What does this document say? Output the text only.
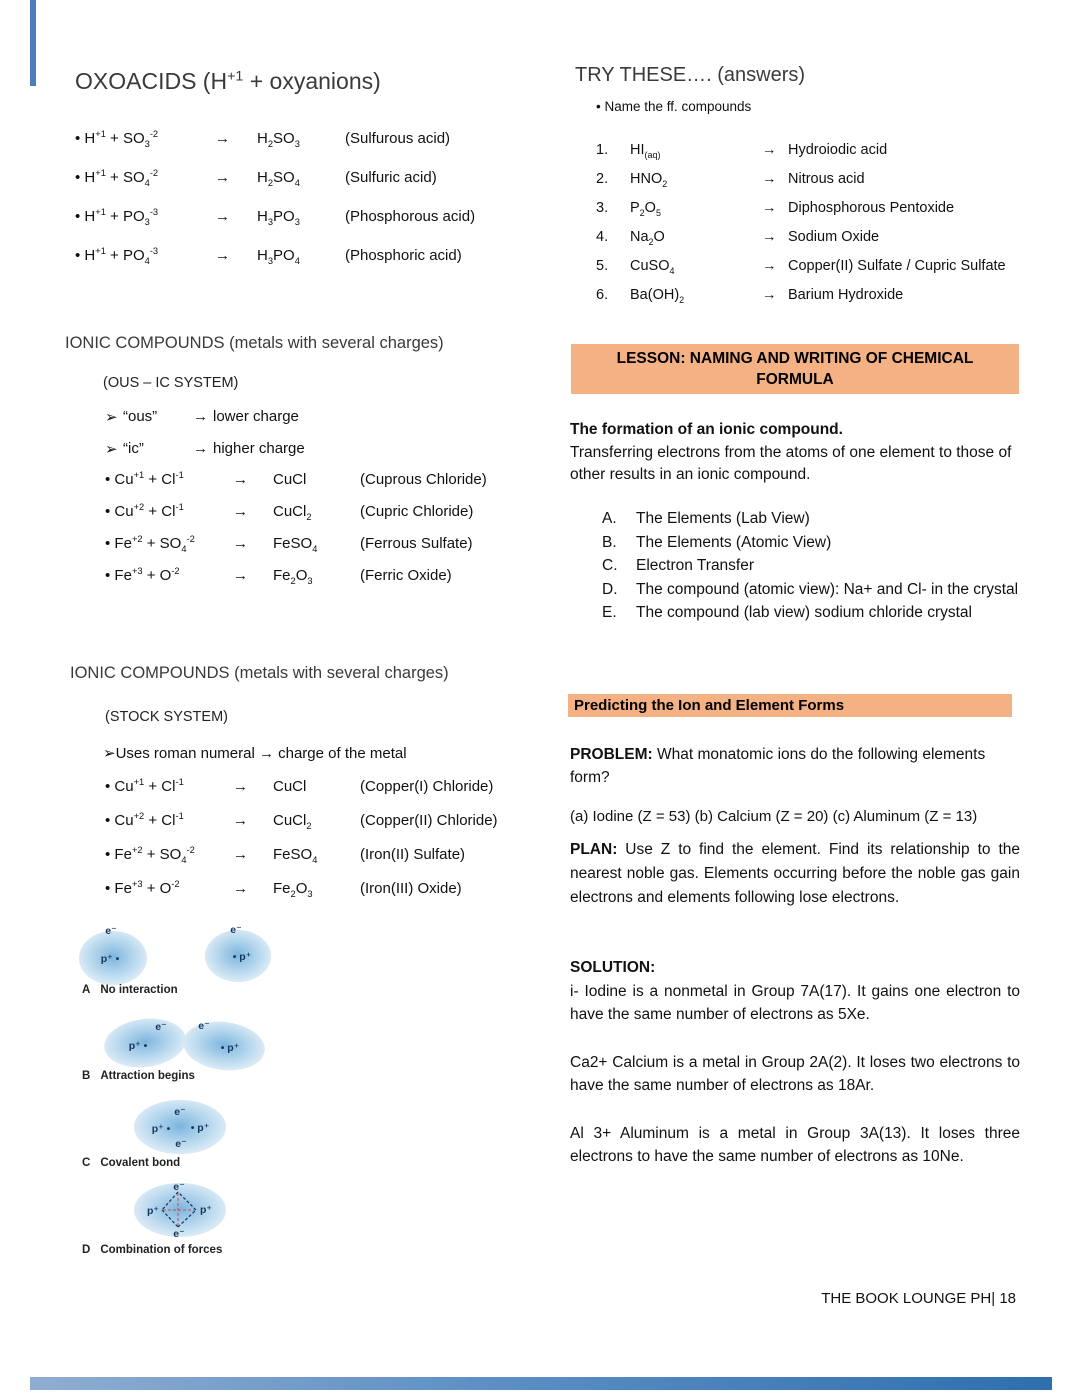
OXOACIDS ($H^{+1}$ + oxyanions)
• $H^{+1} + SO_3^{-2}$	→	$H_2SO_3$	(Sulfurous acid)
• $H^{+1} + SO_4^{-2}$	→	$H_2SO_4$	(Sulfuric acid)
• $H^{+1} + PO_3^{-3}$	→	$H_3PO_3$	(Phosphorous acid)
• $H^{+1} + PO_4^{-3}$	→	$H_3PO_4$	(Phosphoric acid)
IONIC COMPOUNDS (metals with several charges)
(OUS – IC SYSTEM)
➢ “ous”	→ lower charge
➢ “ic”	→ higher charge
• $Cu^{+1} + Cl^{-1}$	→	CuCl	(Cuprous Chloride)
• $Cu^{+2} + Cl^{-1}$	→	CuCl$_2$	(Cupric Chloride)
• $Fe^{+2} + SO_4^{-2}$	→	FeSO$_4$	(Ferrous Sulfate)
• $Fe^{+3} + O^{-2}$	→	$Fe_2O_3$	(Ferric Oxide)
IONIC COMPOUNDS (metals with several charges)
(STOCK SYSTEM)
➢Uses roman numeral → charge of the metal
• $Cu^{+1} + Cl^{-1}$	→	CuCl	(Copper(I) Chloride)
• $Cu^{+2} + Cl^{-1}$	→	CuCl$_2$	(Copper(II) Chloride)
• $Fe^{+2} + SO_4^{-2}$	→	FeSO$_4$	(Iron(II) Sulfate)
• $Fe^{+3} + O^{-2}$	→	$Fe_2O_3$	(Iron(III) Oxide)
e⁻
p⁺ •
e⁻
• p⁺
A No interaction
e⁻
p⁺ •
e⁻
• p⁺
B Attraction begins
e⁻
p⁺ • • p⁺
e⁻
C Covalent bond
e⁻
p⁺	p⁺
e⁻
D Combination of forces
TRY THESE…. (answers)
• Name the ff. compounds
1.	$HI_{(aq)}$	→ Hydroiodic acid
2.	$HNO_2$	→ Nitrous acid
3.	$P_2O_5$	→ Diphosphorous Pentoxide
4.	$Na_2O$	→ Sodium Oxide
5.	CuSO$_4$	→ Copper(II) Sulfate / Cupric Sulfate
6.	$Ba(OH)_2$	→ Barium Hydroxide
LESSON: NAMING AND WRITING OF CHEMICAL FORMULA
The formation of an ionic compound.
Transferring electrons from the atoms of one element to those of other results in an ionic compound.
A.	The Elements (Lab View)
B.	The Elements (Atomic View)
C.	Electron Transfer
D.	The compound (atomic view): Na+ and Cl- in the crystal
E.	The compound (lab view) sodium chloride crystal
Predicting the Ion and Element Forms
PROBLEM: What monatomic ions do the following elements form?
(a) Iodine (Z = 53) (b) Calcium (Z = 20) (c) Aluminum (Z = 13)
PLAN: Use Z to find the element. Find its relationship to the nearest noble gas. Elements occurring before the noble gas gain electrons and elements following lose electrons.
SOLUTION:

i- Iodine is a nonmetal in Group 7A(17). It gains one electron to have the same number of electrons as 5Xe.

Ca2+ Calcium is a metal in Group 2A(2). It loses two electrons to have the same number of electrons as 18Ar.

Al 3+ Aluminum is a metal in Group 3A(13). It loses three electrons to have the same number of electrons as 10Ne.

THE BOOK LOUNGE PH| 18
